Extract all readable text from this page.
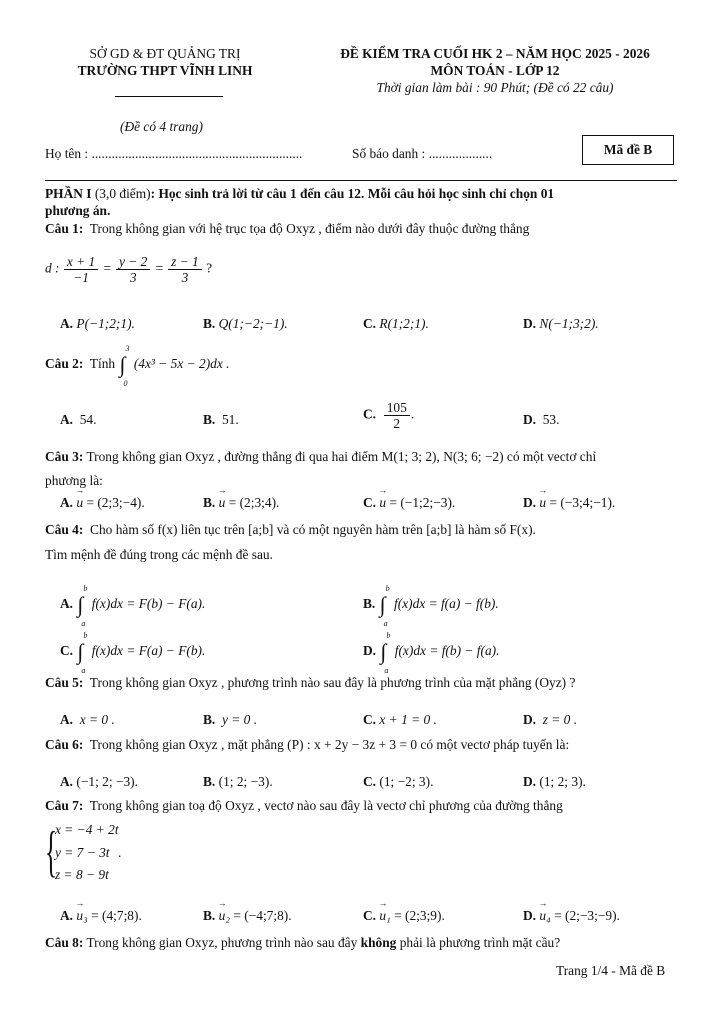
SỞ GD & ĐT QUẢNG TRỊ
TRƯỜNG THPT VĨNH LINH
(Đề có 4 trang)
ĐỀ KIỂM TRA CUỐI HK 2 – NĂM HỌC 2025 - 2026
MÔN TOÁN - LỚP 12
Thời gian làm bài : 90 Phút; (Đề có 22 câu)
Họ tên : ...............................................................	Số báo danh : ...................	Mã đề B
PHẦN I (3,0 điểm): Học sinh trả lời từ câu 1 đến câu 12. Mỗi câu hỏi học sinh chỉ chọn 01
phương án.
Câu 1: Trong không gian với hệ trục tọa độ Oxyz , điểm nào dưới đây thuộc đường thẳng
d : $\frac{x + 1}{-1} = \frac{y - 2}{3} = \frac{z - 1}{3}$ ?
A. P(−1;2;1).	B. Q(1;−2;−1).	C. R(1;2;1).	D. N(−1;3;2).
Câu 2: Tính ∫
3
0
(4x³ − 5x − 2)dx .
A. 54.	B. 51.	C. $\frac{105}{2}$ .	D. 53.
Câu 3: Trong không gian Oxyz , đường thẳng đi qua hai điểm M(1; 3; 2), N(3; 6; −2) có một vectơ chỉ
phương là:
A. → u = (2;3;−4).	B. → u = (2;3;4).	C. → u = (−1;2;−3).	D. → u = (−3;4;−1).
Câu 4: Cho hàm số f(x) liên tục trên [a;b] và có một nguyên hàm trên [a;b] là hàm số F(x).
Tìm mệnh đề đúng trong các mệnh đề sau.
A. ∫
b
a
f(x)dx = F(b) − F(a).	B. ∫
b
a
f(x)dx = f(a) − f(b).
C. ∫
b
a
f(x)dx = F(a) − F(b).	D. ∫
b
a
f(x)dx = f(b) − f(a).
Câu 5: Trong không gian Oxyz , phương trình nào sau đây là phương trình của mặt phẳng (Oyz) ?
A. x = 0 .	B. y = 0 .	C. x + 1 = 0 .	D. z = 0 .
Câu 6: Trong không gian Oxyz , mặt phẳng (P) : x + 2y − 3z + 3 = 0 có một vectơ pháp tuyến là:
A. (−1; 2; −3).	B. (1; 2; −3).	C. (1; −2; 3).	D. (1; 2; 3).
Câu 7: Trong không gian toạ độ Oxyz , vectơ nào sau đây là vectơ chỉ phương của đường thẳng
{
x = −4 + 2t
y = 7 − 3t
z = 8 − 9t
.
A. → u₃ = (4;7;8).	B. → u₂ = (−4;7;8).	C. → u₁ = (2;3;9).	D. → u₄ = (2;−3;−9).
Câu 8: Trong không gian Oxyz, phương trình nào sau đây không phải là phương trình mặt cầu?
Trang 1/4 - Mã đề B
